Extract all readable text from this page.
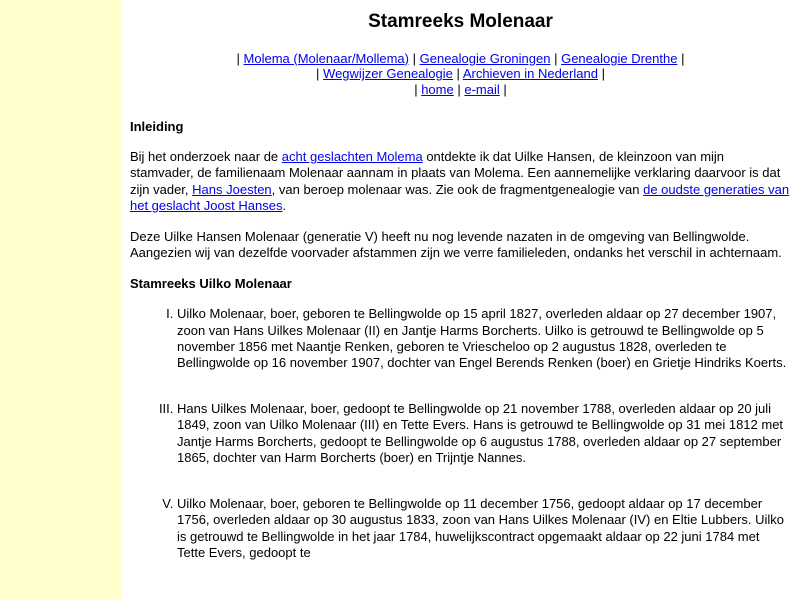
Stamreeks Molenaar
| Molema (Molenaar/Mollema) | Genealogie Groningen | Genealogie Drenthe |
| Wegwijzer Genealogie | Archieven in Nederland |
| home | e-mail |

Inleiding

Bij het onderzoek naar de acht geslachten Molema ontdekte ik dat Uilke Hansen, de kleinzoon van mijn stamvader, de familienaam Molenaar aannam in plaats van Molema. Een aannemelijke verklaring daarvoor is dat zijn vader, Hans Joesten, van beroep molenaar was. Zie ook de fragmentgenealogie van de oudste generaties van het geslacht Joost Hanses.

Deze Uilke Hansen Molenaar (generatie V) heeft nu nog levende nazaten in de omgeving van Bellingwolde. Aangezien wij van dezelfde voorvader afstammen zijn we verre familieleden, ondanks het verschil in achternaam.

Stamreeks Uilko Molenaar

I. Uilko Molenaar, boer, geboren te Bellingwolde op 15 april 1827, overleden aldaar op 27 december 1907, zoon van Hans Uilkes Molenaar (II) en Jantje Harms Borcherts. Uilko is getrouwd te Bellingwolde op 5 november 1856 met Naantje Renken, geboren te Vriescheloo op 2 augustus 1828, overleden te Bellingwolde op 16 november 1907, dochter van Engel Berends Renken (boer) en Grietje Hindriks Koerts.
III. Hans Uilkes Molenaar, boer, gedoopt te Bellingwolde op 21 november 1788, overleden aldaar op 20 juli 1849, zoon van Uilko Molenaar (III) en Tette Evers. Hans is getrouwd te Bellingwolde op 31 mei 1812 met Jantje Harms Borcherts, gedoopt te Bellingwolde op 6 augustus 1788, overleden aldaar op 27 september 1865, dochter van Harm Borcherts (boer) en Trijntje Nannes.
V. Uilko Molenaar, boer, geboren te Bellingwolde op 11 december 1756, gedoopt aldaar op 17 december 1756, overleden aldaar op 30 augustus 1833, zoon van Hans Uilkes Molenaar (IV) en Eltie Lubbers. Uilko is getrouwd te Bellingwolde in het jaar 1784, huwelijkscontract opgemaakt aldaar op 22 juni 1784 met Tette Evers, gedoopt te
